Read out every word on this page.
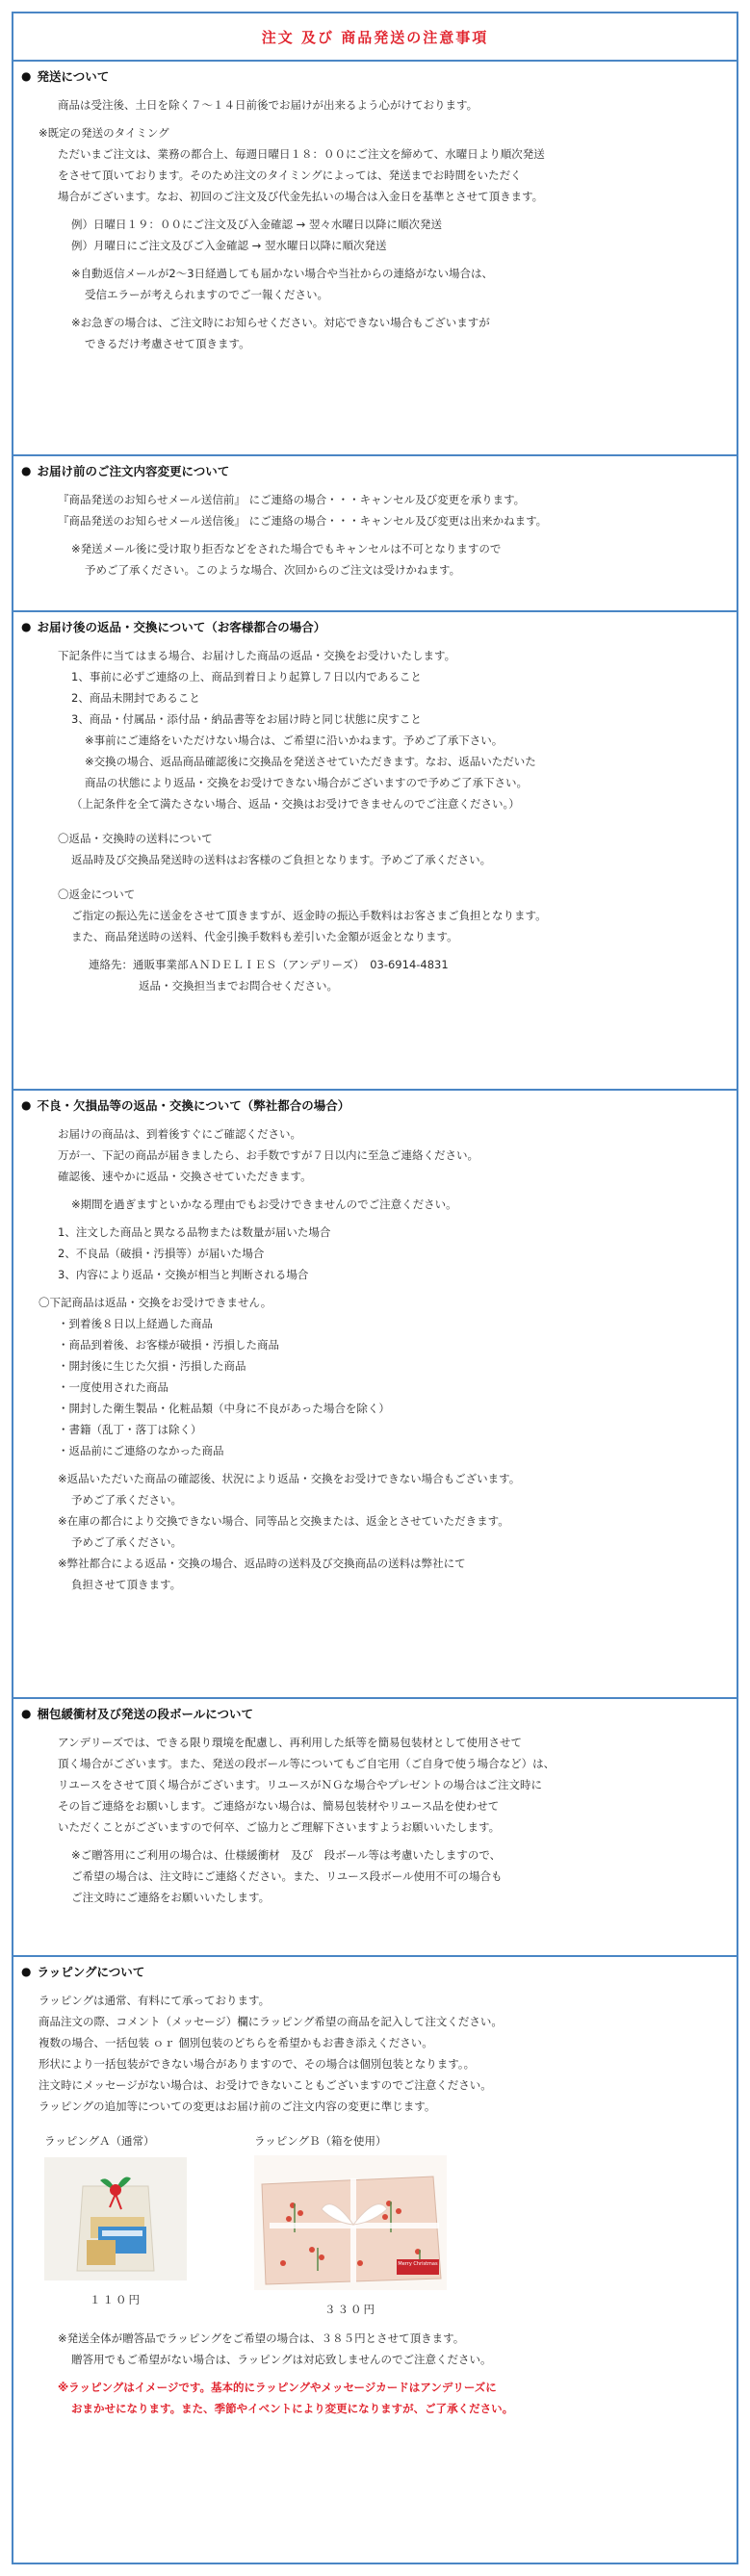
注文 及び 商品発送の注意事項
● 発送について
商品は受注後、土日を除く７～１４日前後でお届けが出来るよう心がけております。
※既定の発送のタイミング
ただいまご注文は、業務の都合上、毎週日曜日１８：００にご注文を締めて、水曜日より順次発送
をさせて頂いております。そのため注文のタイミングによっては、発送までお時間をいただく
場合がございます。なお、初回のご注文及び代金先払いの場合は入金日を基準とさせて頂きます。
例）日曜日１９：００にご注文及び入金確認 → 翌々水曜日以降に順次発送
例）月曜日にご注文及びご入金確認 → 翌水曜日以降に順次発送
※自動返信メールが2～3日経過しても届かない場合や当社からの連絡がない場合は、
受信エラーが考えられますのでご一報ください。
※お急ぎの場合は、ご注文時にお知らせください。対応できない場合もございますが
できるだけ考慮させて頂きます。
● お届け前のご注文内容変更について
『商品発送のお知らせメール送信前』 にご連絡の場合・・・キャンセル及び変更を承ります。
『商品発送のお知らせメール送信後』 にご連絡の場合・・・キャンセル及び変更は出来かねます。
※発送メール後に受け取り拒否などをされた場合でもキャンセルは不可となりますので
予めご了承ください。このような場合、次回からのご注文は受けかねます。
● お届け後の返品・交換について（お客様都合の場合）
下記条件に当てはまる場合、お届けした商品の返品・交換をお受けいたします。
1、事前に必ずご連絡の上、商品到着日より起算し７日以内であること
2、商品未開封であること
3、商品・付属品・添付品・納品書等をお届け時と同じ状態に戻すこと
※事前にご連絡をいただけない場合は、ご希望に沿いかねます。予めご了承下さい。
※交換の場合、返品商品確認後に交換品を発送させていただきます。なお、返品いただいた
商品の状態により返品・交換をお受けできない場合がございますので予めご了承下さい。
（上記条件を全て満たさない場合、返品・交換はお受けできませんのでご注意ください。）
〇返品・交換時の送料について
返品時及び交換品発送時の送料はお客様のご負担となります。予めご了承ください。
〇返金について
ご指定の振込先に送金をさせて頂きますが、返金時の振込手数料はお客さまご負担となります。
また、商品発送時の送料、代金引換手数料も差引いた金額が返金となります。
連絡先：通販事業部ＡＮＤＥＬＩＥＳ（アンデリーズ）　03-6914-4831
返品・交換担当までお問合せください。
● 不良・欠損品等の返品・交換について（弊社都合の場合）
お届けの商品は、到着後すぐにご確認ください。
万が一、下記の商品が届きましたら、お手数ですが７日以内に至急ご連絡ください。
確認後、速やかに返品・交換させていただきます。
※期間を過ぎますといかなる理由でもお受けできませんのでご注意ください。
1、注文した商品と異なる品物または数量が届いた場合
2、不良品（破損・汚損等）が届いた場合
3、内容により返品・交換が相当と判断される場合
〇下記商品は返品・交換をお受けできません。
・到着後８日以上経過した商品
・商品到着後、お客様が破損・汚損した商品
・開封後に生じた欠損・汚損した商品
・一度使用された商品
・開封した衛生製品・化粧品類（中身に不良があった場合を除く）
・書籍（乱丁・落丁は除く）
・返品前にご連絡のなかった商品
※返品いただいた商品の確認後、状況により返品・交換をお受けできない場合もございます。
予めご了承ください。
※在庫の都合により交換できない場合、同等品と交換または、返金とさせていただきます。
予めご了承ください。
※弊社都合による返品・交換の場合、返品時の送料及び交換商品の送料は弊社にて
負担させて頂きます。
● 梱包緩衝材及び発送の段ボールについて
アンデリーズでは、できる限り環境を配慮し、再利用した紙等を簡易包装材として使用させて
頂く場合がございます。また、発送の段ボール等についてもご自宅用（ご自身で使う場合など）は、
リユースをさせて頂く場合がございます。リユースがＮＧな場合やプレゼントの場合はご注文時に
その旨ご連絡をお願いします。ご連絡がない場合は、簡易包装材やリユース品を使わせて
いただくことがございますので何卒、ご協力とご理解下さいますようお願いいたします。
※ご贈答用にご利用の場合は、仕様緩衝材　及び　段ボール等は考慮いたしますので、
ご希望の場合は、注文時にご連絡ください。また、リユース段ボール使用不可の場合も
ご注文時にご連絡をお願いいたします。
● ラッピングについて
ラッピングは通常、有料にて承っております。
商品注文の際、コメント（メッセージ）欄にラッピング希望の商品を記入して注文ください。
複数の場合、一括包装 ｏｒ 個別包装のどちらを希望かもお書き添えください。
形状により一括包装ができない場合がありますので、その場合は個別包装となります。。
注文時にメッセージがない場合は、お受けできないこともございますのでご注意ください。
ラッピングの追加等についての変更はお届け前のご注文内容の変更に準じます。
ラッピングＡ（通常）
１１０円
ラッピングＢ（箱を使用）
Merry Christmas
３３０円
※発送全体が贈答品でラッピングをご希望の場合は、３８５円とさせて頂きます。
贈答用でもご希望がない場合は、ラッピングは対応致しませんのでご注意ください。
※ラッピングはイメージです。基本的にラッピングやメッセージカードはアンデリーズに
おまかせになります。また、季節やイベントにより変更になりますが、ご了承ください。
